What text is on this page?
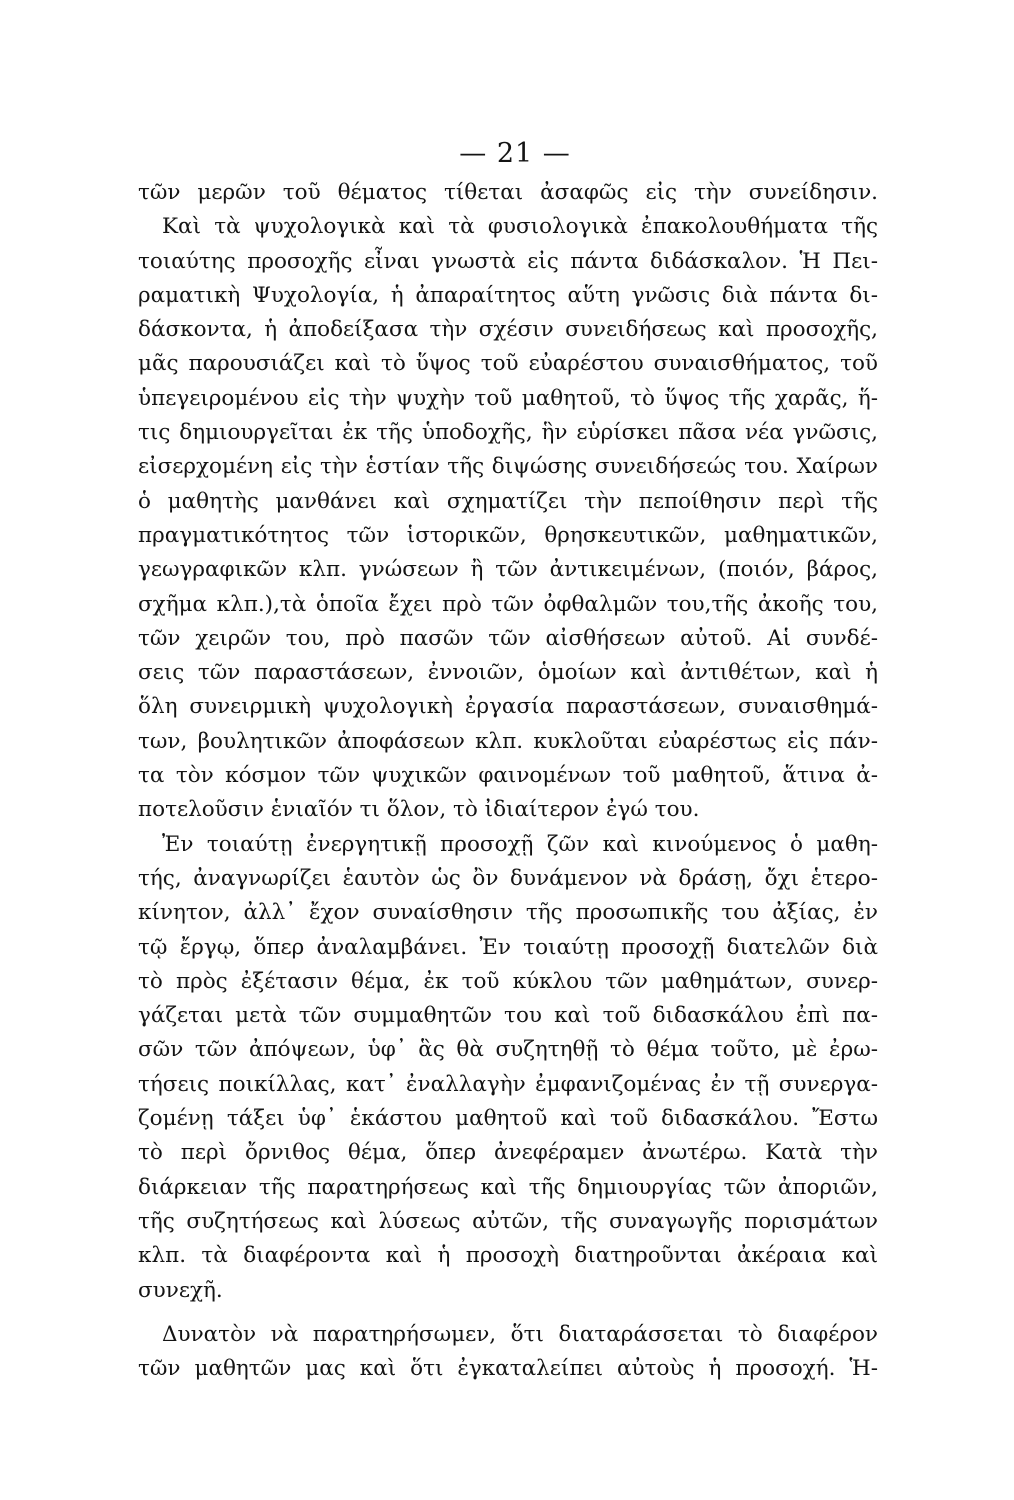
— 21 —
τῶν μερῶν τοῦ θέματος τίθεται ἀσαφῶς εἰς τὴν συνείδησιν.
Καὶ τὰ ψυχολογικὰ καὶ τὰ φυσιολογικὰ ἐπακολουθήματα τῆς
τοιαύτης προσοχῆς εἶναι γνωστὰ εἰς πάντα διδάσκαλον. Ἡ Πει-
ραματικὴ Ψυχολογία, ἡ ἀπαραίτητος αὕτη γνῶσις διὰ πάντα δι-
δάσκοντα, ἡ ἀποδείξασα τὴν σχέσιν συνειδήσεως καὶ προσοχῆς,
μᾶς παρουσιάζει καὶ τὸ ὕψος τοῦ εὐαρέστου συναισθήματος, τοῦ
ὑπεγειρομένου εἰς τὴν ψυχὴν τοῦ μαθητοῦ, τὸ ὕψος τῆς χαρᾶς, ἥ-
τις δημιουργεῖται ἐκ τῆς ὑποδοχῆς, ἣν εὑρίσκει πᾶσα νέα γνῶσις,
εἰσερχομένη εἰς τὴν ἑστίαν τῆς διψώσης συνειδήσεώς του. Χαίρων
ὁ μαθητὴς μανθάνει καὶ σχηματίζει τὴν πεποίθησιν περὶ τῆς
πραγματικότητος τῶν ἱστορικῶν, θρησκευτικῶν, μαθηματικῶν,
γεωγραφικῶν κλπ. γνώσεων ἢ τῶν ἀντικειμένων, (ποιόν, βάρος,
σχῆμα κλπ.),τὰ ὁποῖα ἔχει πρὸ τῶν ὀφθαλμῶν του,τῆς ἀκοῆς του,
τῶν χειρῶν του, πρὸ πασῶν τῶν αἰσθήσεων αὐτοῦ. Αἱ συνδέ-
σεις τῶν παραστάσεων, ἐννοιῶν, ὁμοίων καὶ ἀντιθέτων, καὶ ἡ
ὅλη συνειρμικὴ ψυχολογικὴ ἐργασία παραστάσεων, συναισθημά-
των, βουλητικῶν ἀποφάσεων κλπ. κυκλοῦται εὐαρέστως εἰς πάν-
τα τὸν κόσμον τῶν ψυχικῶν φαινομένων τοῦ μαθητοῦ, ἅτινα ἀ-
ποτελοῦσιν ἑνιαῖόν τι ὅλον, τὸ ἰδιαίτερον ἐγώ του.
Ἐν τοιαύτῃ ἐνεργητικῇ προσοχῇ ζῶν καὶ κινούμενος ὁ μαθη-
τής, ἀναγνωρίζει ἑαυτὸν ὡς ὂν δυνάμενον νὰ δράσῃ, ὄχι ἑτερο-
κίνητον, ἀλλ᾽ ἔχον συναίσθησιν τῆς προσωπικῆς του ἀξίας, ἐν
τῷ ἔργῳ, ὅπερ ἀναλαμβάνει. Ἐν τοιαύτῃ προσοχῇ διατελῶν διὰ
τὸ πρὸς ἐξέτασιν θέμα, ἐκ τοῦ κύκλου τῶν μαθημάτων, συνερ-
γάζεται μετὰ τῶν συμμαθητῶν του καὶ τοῦ διδασκάλου ἐπὶ πα-
σῶν τῶν ἀπόψεων, ὑφ᾽ ἃς θὰ συζητηθῇ τὸ θέμα τοῦτο, μὲ ἐρω-
τήσεις ποικίλλας, κατ᾽ ἐναλλαγὴν ἐμφανιζομένας ἐν τῇ συνεργα-
ζομένῃ τάξει ὑφ᾽ ἑκάστου μαθητοῦ καὶ τοῦ διδασκάλου. Ἔστω
τὸ περὶ ὄρνιθος θέμα, ὅπερ ἀνεφέραμεν ἀνωτέρω. Κατὰ τὴν
διάρκειαν τῆς παρατηρήσεως καὶ τῆς δημιουργίας τῶν ἀποριῶν,
τῆς συζητήσεως καὶ λύσεως αὐτῶν, τῆς συναγωγῆς πορισμάτων
κλπ. τὰ διαφέροντα καὶ ἡ προσοχὴ διατηροῦνται ἀκέραια καὶ
συνεχῆ.
Δυνατὸν νὰ παρατηρήσωμεν, ὅτι διαταράσσεται τὸ διαφέρον
τῶν μαθητῶν μας καὶ ὅτι ἐγκαταλείπει αὐτοὺς ἡ προσοχή. Ἡ-
